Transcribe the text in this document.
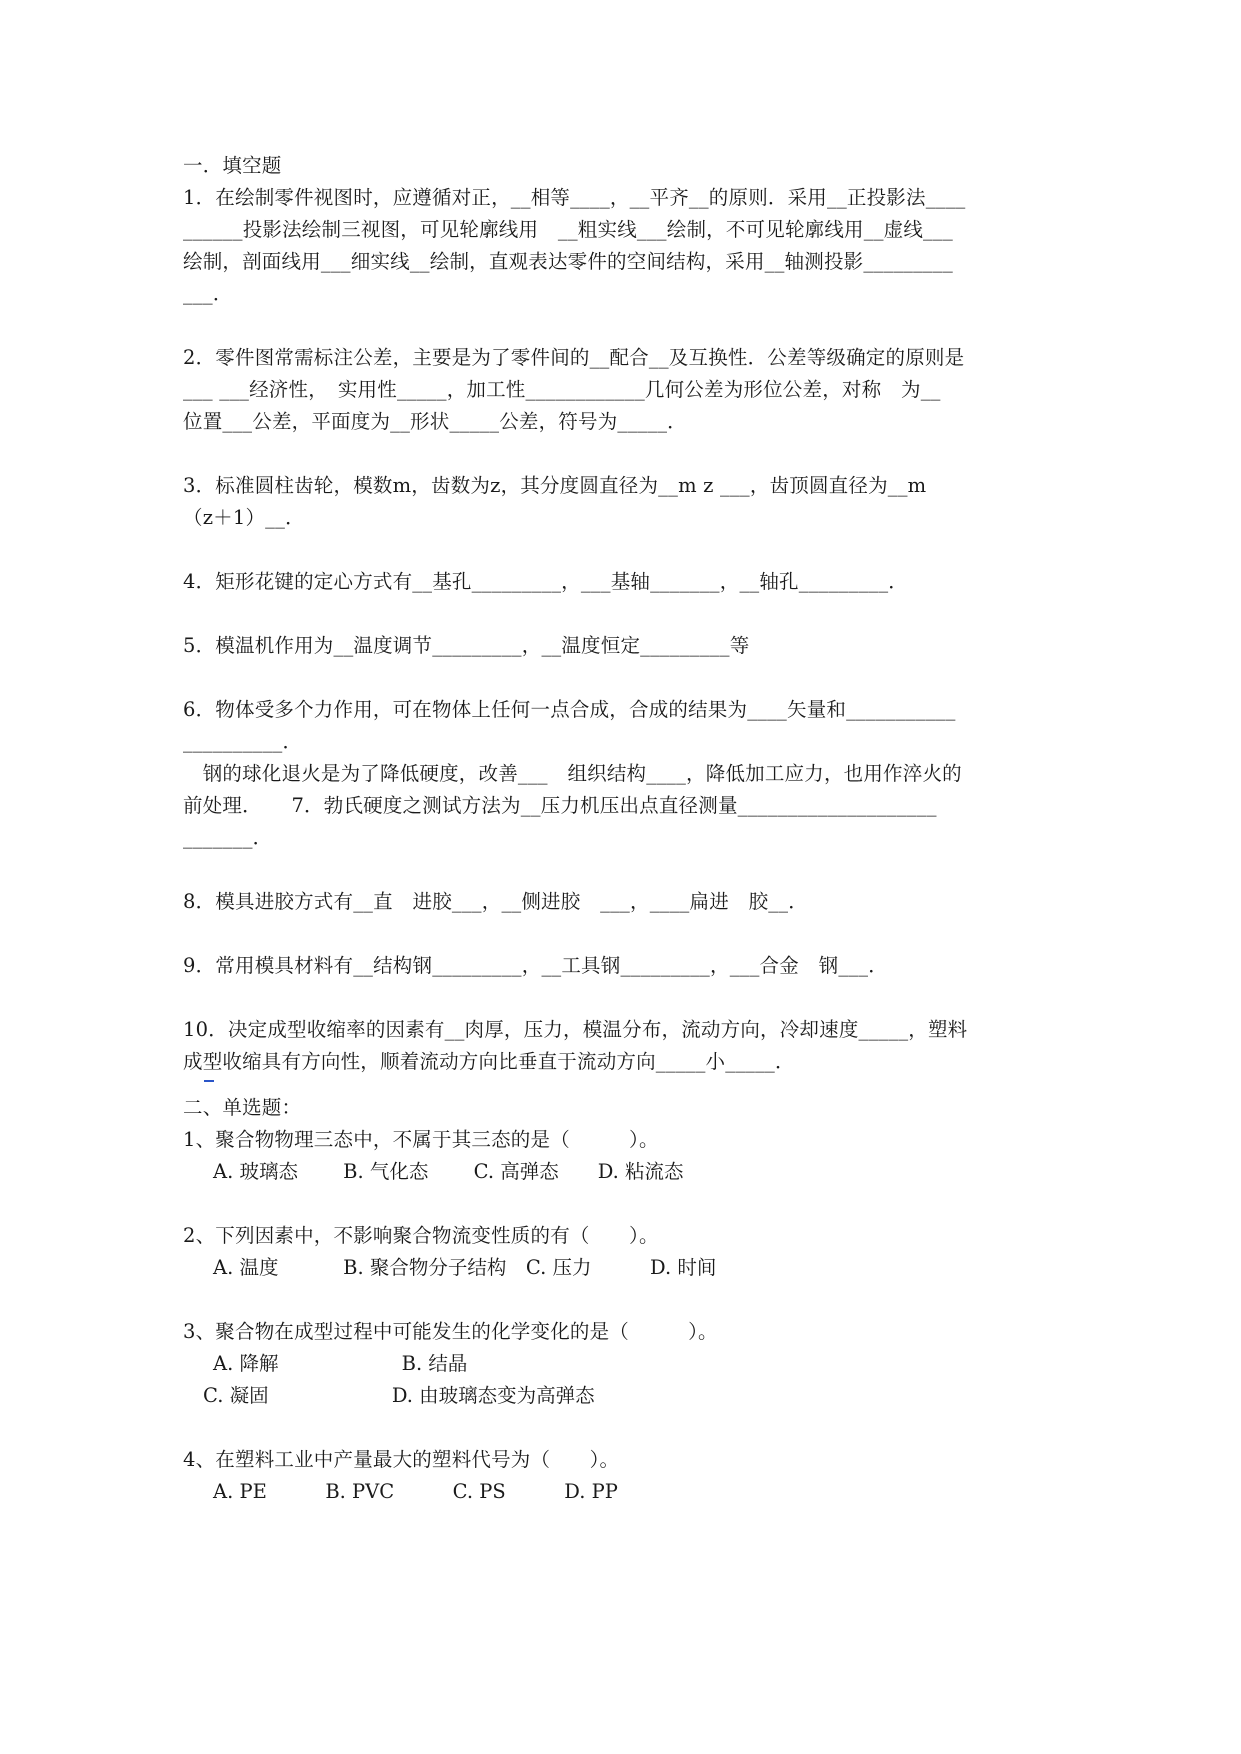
一．填空题
1．在绘制零件视图时，应遵循对正，__相等____，__平齐__的原则．采用__正投影法____
______投影法绘制三视图，可见轮廓线用　__粗实线___绘制，不可见轮廓线用__虚线___
绘制，剖面线用___细实线__绘制，直观表达零件的空间结构，采用__轴测投影_________
___．
2．零件图常需标注公差，主要是为了零件间的__配合__及互换性．公差等级确定的原则是
___ ___经济性，　实用性_____，加工性____________几何公差为形位公差，对称　为__
位置___公差，平面度为__形状_____公差，符号为_____．
3．标准圆柱齿轮，模数m，齿数为z，其分度圆直径为__m z ___，齿顶圆直径为__m
（z＋1）__．
4．矩形花键的定心方式有__基孔_________，___基轴_______，__轴孔_________．
5．模温机作用为__温度调节_________，__温度恒定_________等
6．物体受多个力作用，可在物体上任何一点合成，合成的结果为____矢量和___________
__________．
　钢的球化退火是为了降低硬度，改善___　组织结构____，降低加工应力，也用作淬火的
前处理．　　7．勃氏硬度之测试方法为__压力机压出点直径测量____________________
_______．
8．模具进胶方式有__直　进胶___，__侧进胶　___，____扁进　胶__．
9．常用模具材料有__结构钢_________，__工具钢_________，___合金　钢___．
10．决定成型收缩率的因素有__肉厚，压力，模温分布，流动方向，冷却速度_____，塑料
成型收缩具有方向性，顺着流动方向比垂直于流动方向_____小_____．
二、单选题：
1、聚合物物理三态中，不属于其三态的是（　　　）。
A. 玻璃态　　 B. 气化态　　 C. 高弹态　　D. 粘流态
2、下列因素中，不影响聚合物流变性质的有（　　）。
A. 温度　　　 B. 聚合物分子结构　C. 压力　　　D. 时间
3、聚合物在成型过程中可能发生的化学变化的是（　　　）。
A. 降解　　　　　　 B. 结晶
C. 凝固　　　　　　 D. 由玻璃态变为高弹态
4、在塑料工业中产量最大的塑料代号为（　　）。
A. PE　　　B. PVC　　　C. PS　　　D. PP
